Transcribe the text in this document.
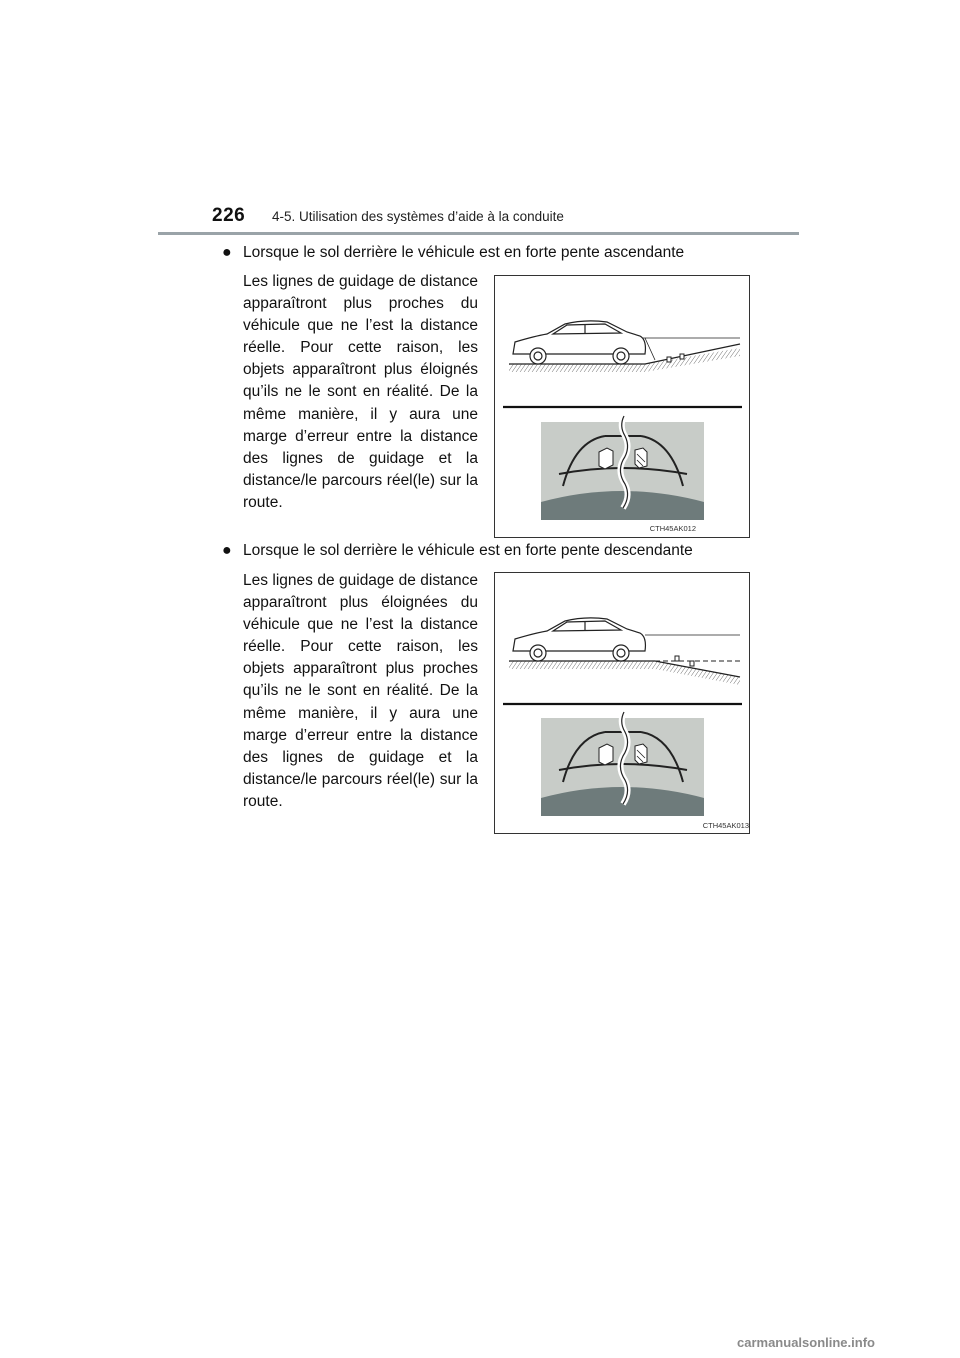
226 4-5. Utilisation des systèmes d’aide à la conduite
● Lorsque le sol derrière le véhicule est en forte pente ascendante
Les lignes de guidage de distance apparaîtront plus proches du véhicule que ne l’est la distance réelle. Pour cette raison, les objets apparaîtront plus éloignés qu’ils ne le sont en réalité. De la même manière, il y aura une marge d’erreur entre la distance des lignes de guidage et la distance/le parcours réel(le) sur la route.
CTH45AK012
● Lorsque le sol derrière le véhicule est en forte pente descendante
Les lignes de guidage de distance apparaîtront plus éloignées du véhicule que ne l’est la distance réelle. Pour cette raison, les objets apparaîtront plus proches qu’ils ne le sont en réalité. De la même manière, il y aura une marge d’erreur entre la distance des lignes de guidage et la distance/le parcours réel(le) sur la route.
CTH45AK013
carmanualsonline.info
